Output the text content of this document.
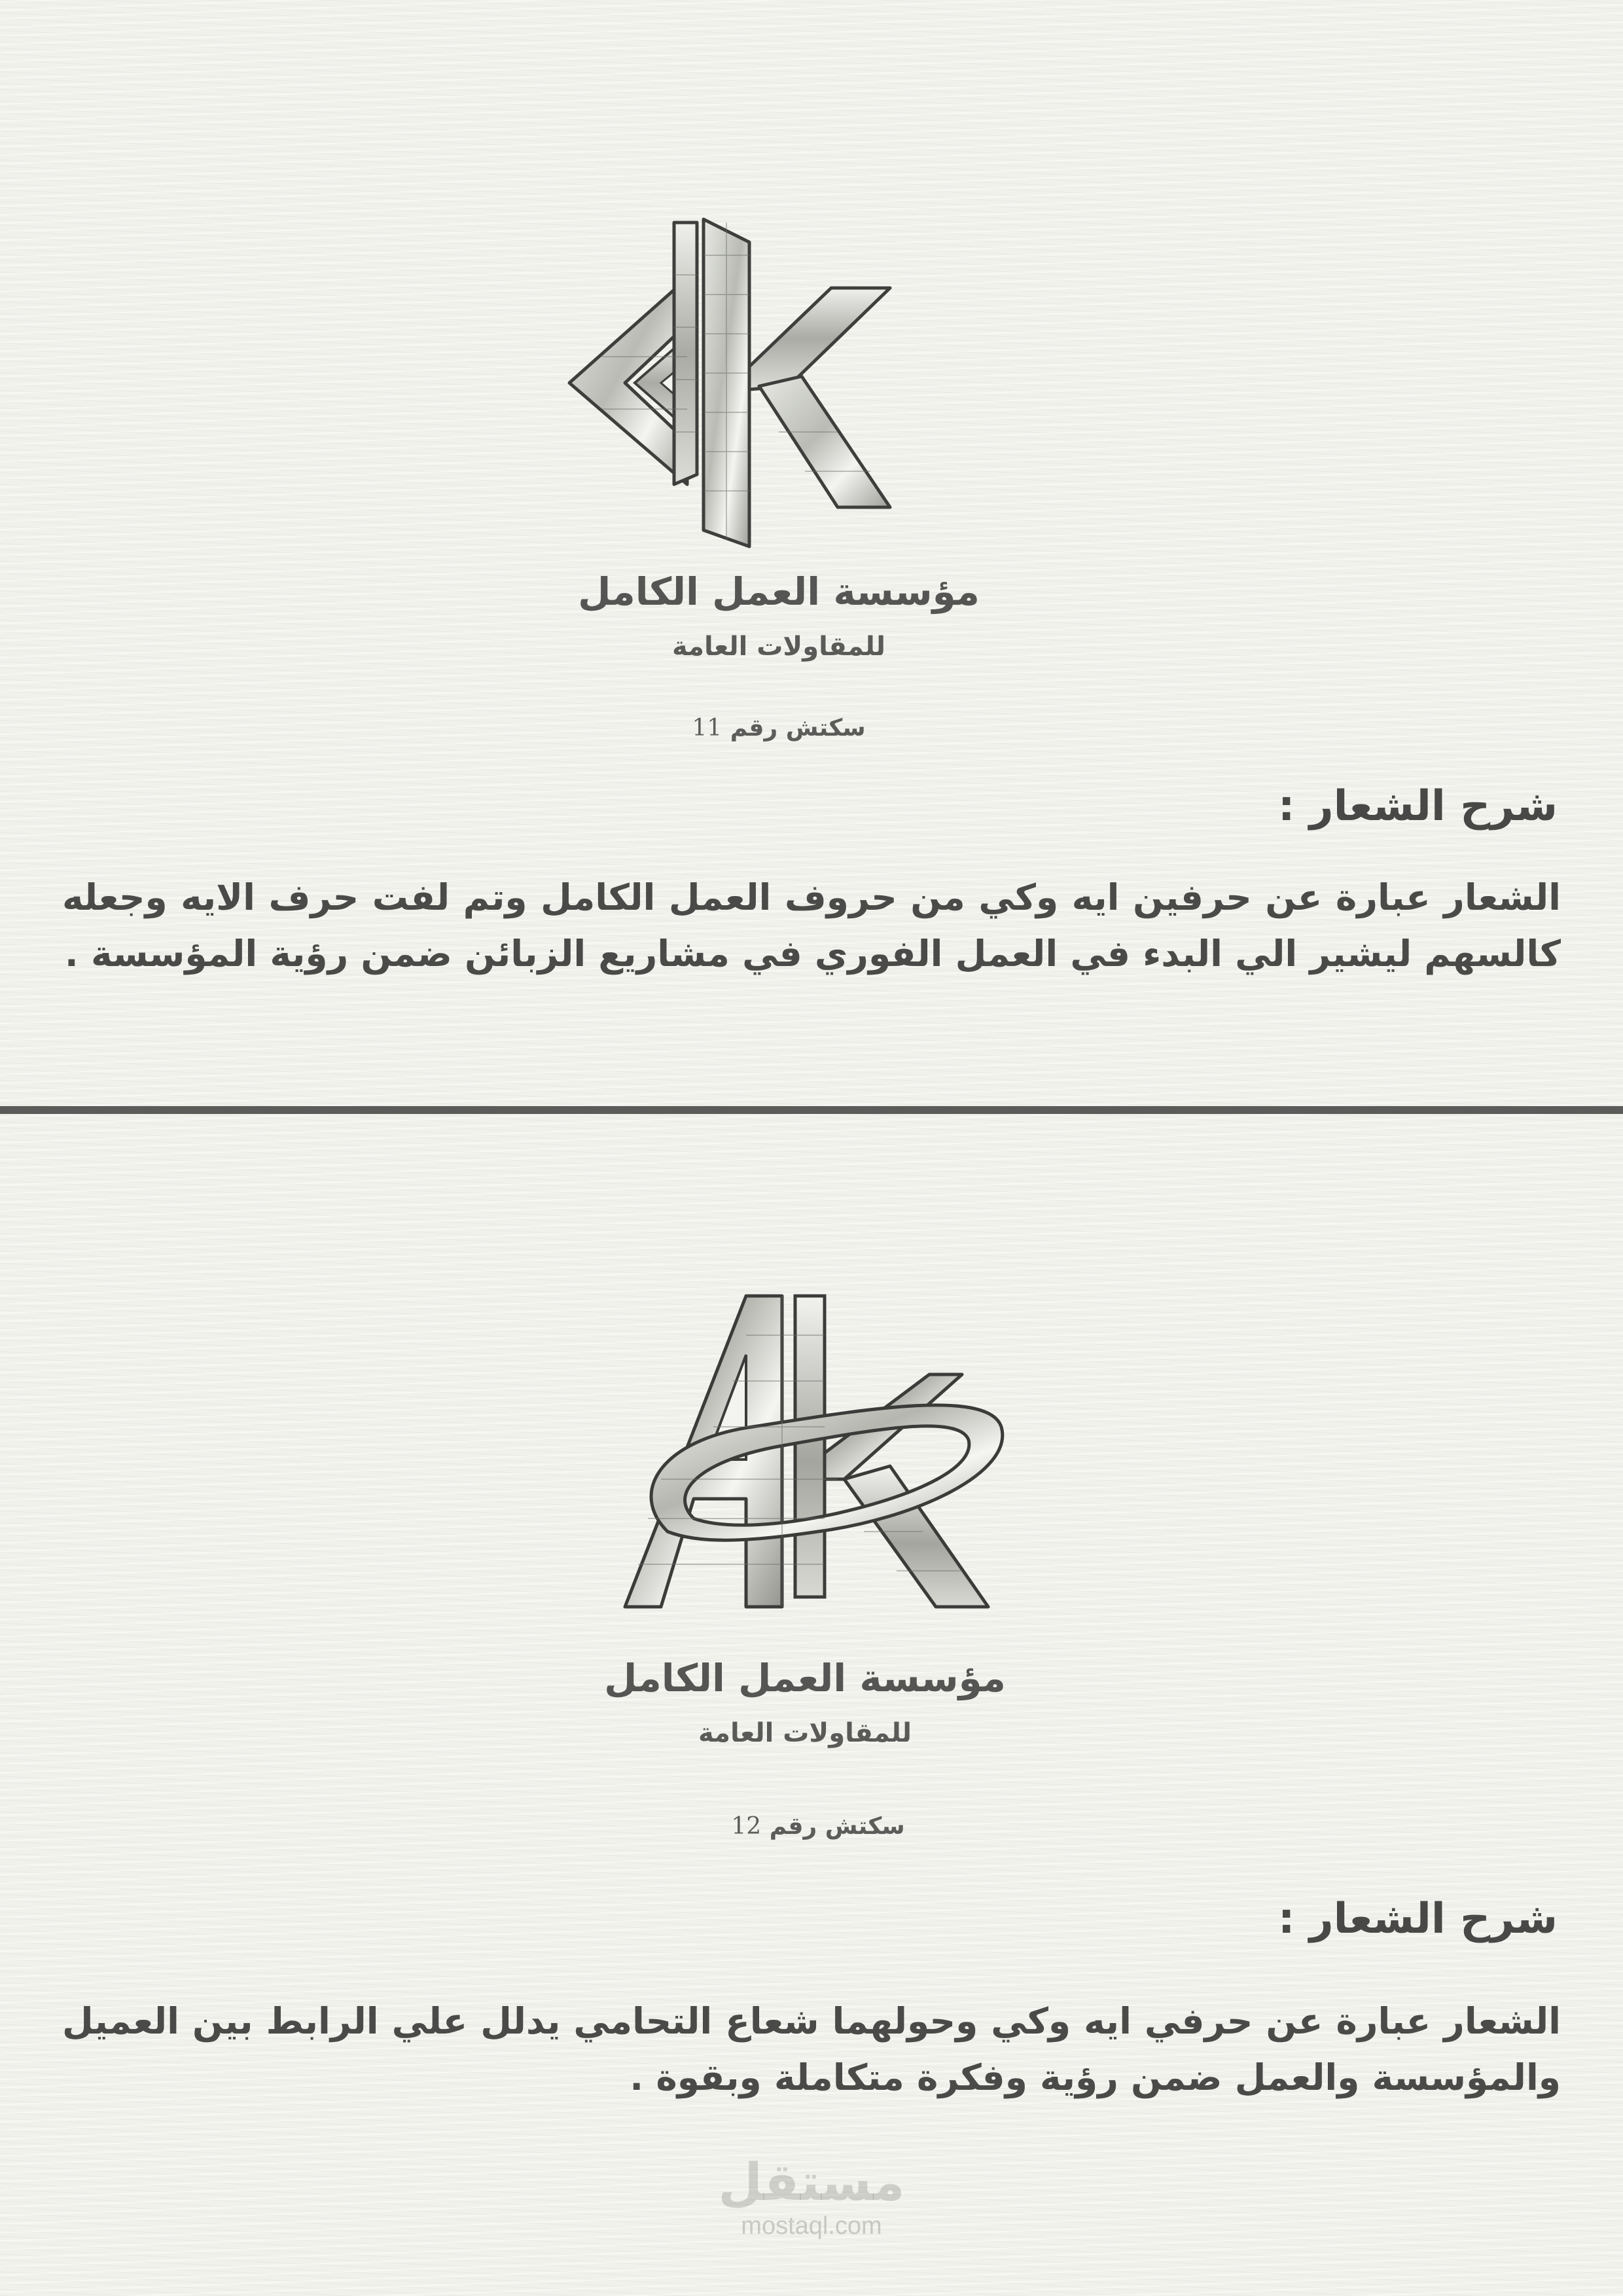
مؤسسة العمل الكامل
للمقاولات العامة
سكتش رقم 11
شرح الشعار :

الشعار عبارة عن حرفين ايه وكي من حروف العمل الكامل وتم لفت حرف الايه وجعله كالسهم ليشير الي البدء في العمل الفوري في مشاريع الزبائن ضمن رؤية المؤسسة .

مؤسسة العمل الكامل
للمقاولات العامة
سكتش رقم 12
شرح الشعار :

الشعار عبارة عن حرفي ايه وكي وحولهما شعاع التحامي يدلل علي الرابط بين العميل والمؤسسة والعمل ضمن رؤية وفكرة متكاملة وبقوة .

مستقل
mostaql.com
